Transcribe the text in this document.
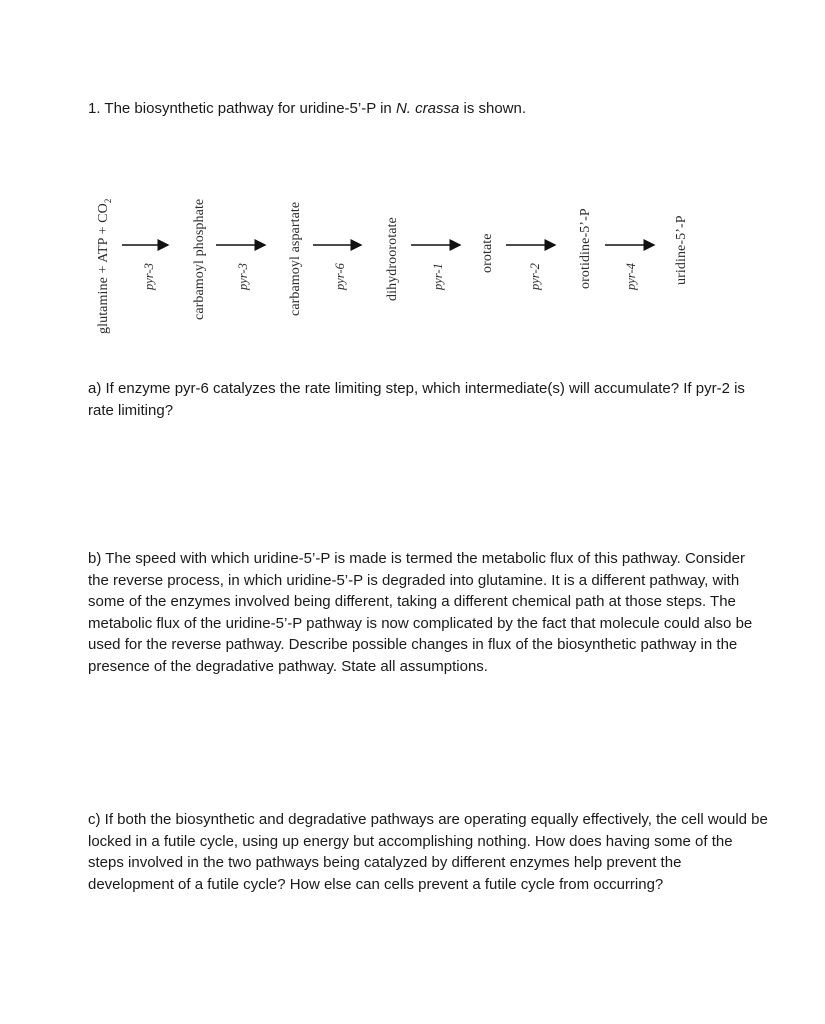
1. The biosynthetic pathway for uridine-5’-P in N. crassa is shown.
glutamine + ATP + $CO_2$
pyr-3	carbamoyl phosphate pyr-3	carbamoyl aspartate pyr-6	dihydroorotate pyr-1
orotate
pyr-2	orotidine-5’-P pyr-4	uridine-5’-P
a) If enzyme pyr-6 catalyzes the rate limiting step, which intermediate(s) will accumulate? If pyr-2 is rate limiting?
b) The speed with which uridine-5’-P is made is termed the metabolic flux of this pathway. Consider the reverse process, in which uridine-5’-P is degraded into glutamine. It is a different pathway, with some of the enzymes involved being different, taking a different chemical path at those steps. The metabolic flux of the uridine-5’-P pathway is now complicated by the fact that molecule could also be used for the reverse pathway. Describe possible changes in flux of the biosynthetic pathway in the presence of the degradative pathway. State all assumptions.
c) If both the biosynthetic and degradative pathways are operating equally effectively, the cell would be locked in a futile cycle, using up energy but accomplishing nothing. How does having some of the steps involved in the two pathways being catalyzed by different enzymes help prevent the development of a futile cycle? How else can cells prevent a futile cycle from occurring?
